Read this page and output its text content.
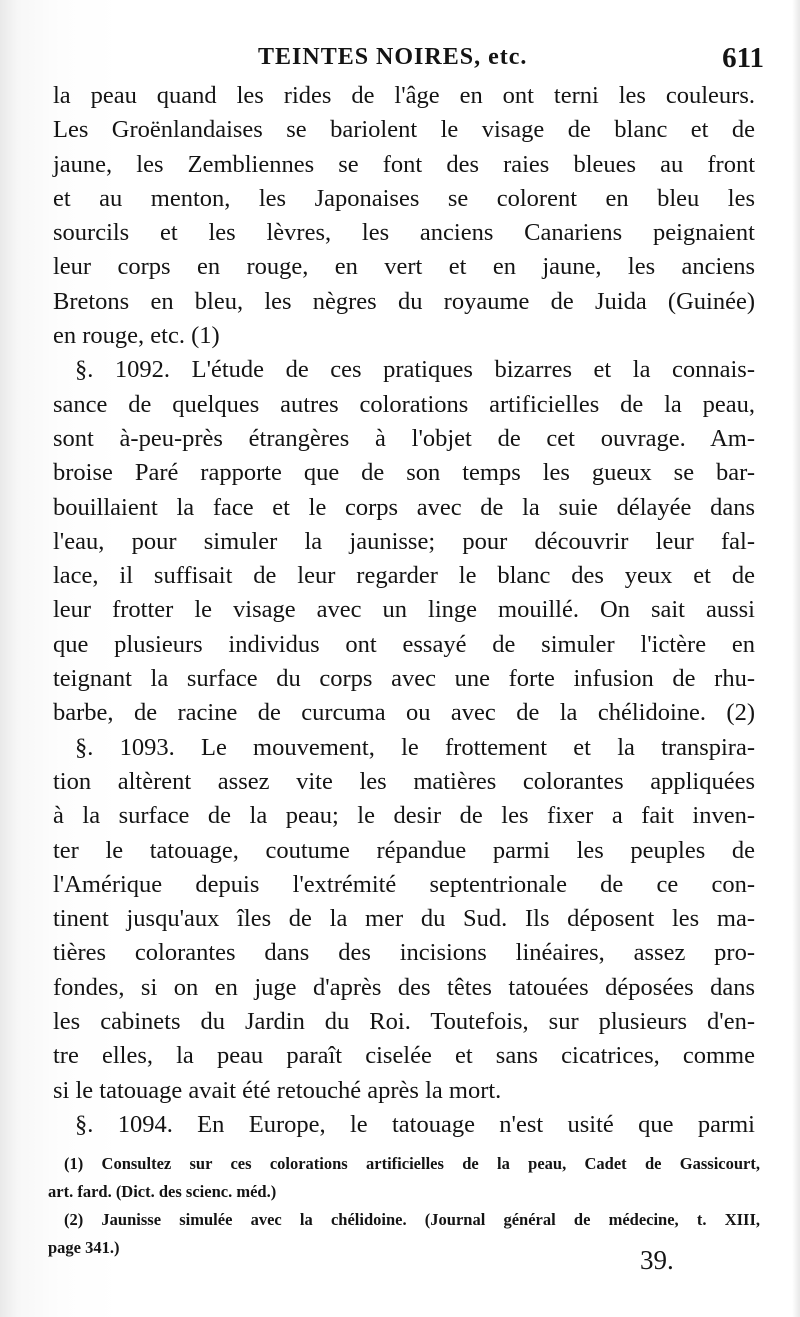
TEINTES NOIRES, etc.	611
la peau quand les rides de l'âge en ont terni les couleurs.
Les Groënlandaises se bariolent le visage de blanc et de
jaune, les Zembliennes se font des raies bleues au front
et au menton, les Japonaises se colorent en bleu les
sourcils et les lèvres, les anciens Canariens peignaient
leur corps en rouge, en vert et en jaune, les anciens
Bretons en bleu, les nègres du royaume de Juida (Guinée)
en rouge, etc. (1)
§. 1092. L'étude de ces pratiques bizarres et la connais-
sance de quelques autres colorations artificielles de la peau,
sont à-peu-près étrangères à l'objet de cet ouvrage. Am-
broise Paré rapporte que de son temps les gueux se bar-
bouillaient la face et le corps avec de la suie délayée dans
l'eau, pour simuler la jaunisse; pour découvrir leur fal-
lace, il suffisait de leur regarder le blanc des yeux et de
leur frotter le visage avec un linge mouillé. On sait aussi
que plusieurs individus ont essayé de simuler l'ictère en
teignant la surface du corps avec une forte infusion de rhu-
barbe, de racine de curcuma ou avec de la chélidoine. (2)
§. 1093. Le mouvement, le frottement et la transpira-
tion altèrent assez vite les matières colorantes appliquées
à la surface de la peau; le desir de les fixer a fait inven-
ter le tatouage, coutume répandue parmi les peuples de
l'Amérique depuis l'extrémité septentrionale de ce con-
tinent jusqu'aux îles de la mer du Sud. Ils déposent les ma-
tières colorantes dans des incisions linéaires, assez pro-
fondes, si on en juge d'après des têtes tatouées déposées dans
les cabinets du Jardin du Roi. Toutefois, sur plusieurs d'en-
tre elles, la peau paraît ciselée et sans cicatrices, comme
si le tatouage avait été retouché après la mort.
§. 1094. En Europe, le tatouage n'est usité que parmi
(1) Consultez sur ces colorations artificielles de la peau, Cadet de Gassicourt,
art. fard. (Dict. des scienc. méd.)
(2) Jaunisse simulée avec la chélidoine. (Journal général de médecine, t. XIII,
page 341.)	39.
